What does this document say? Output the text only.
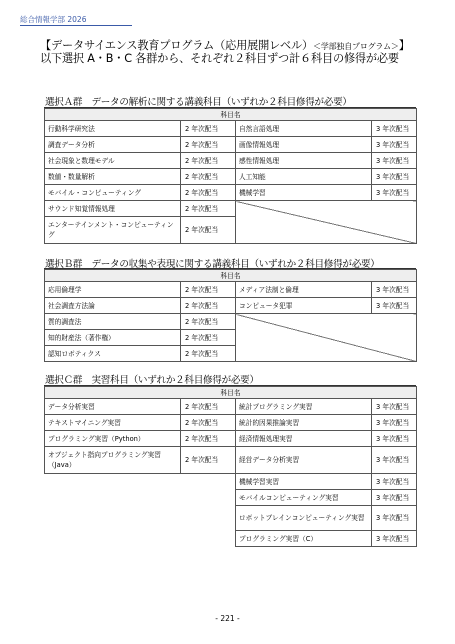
総合情報学部 2026
【データサイエンス教育プログラム（応用展開レベル）＜学部独自プログラム＞】
以下選択 A・B・C 各群から、それぞれ２科目ずつ計６科目の修得が必要
選択Ａ群　データの解析に関する講義科目（いずれか２科目修得が必要）
科目名			
行動科学研究法	2 年次配当	自然言語処理	3 年次配当
調査データ分析	2 年次配当	画像情報処理	3 年次配当
社会現象と数理モデル	2 年次配当	感性情報処理	3 年次配当
数値・数量解析	2 年次配当	人工知能	3 年次配当
モバイル・コンピューティング	2 年次配当	機械学習	3 年次配当
サウンド知覚情報処理	2 年次配当		
エンターテインメント・コンピューティング	2 年次配当		
選択Ｂ群　データの収集や表現に関する講義科目（いずれか２科目修得が必要）
科目名			
応用倫理学	2 年次配当	メディア法制と倫理	3 年次配当
社会調査方法論	2 年次配当	コンピュータ犯罪	3 年次配当
質的調査法	2 年次配当		
知的財産法（著作権）	2 年次配当		
認知ロボティクス	2 年次配当		
選択Ｃ群　実習科目（いずれか２科目修得が必要）
科目名			
データ分析実習	2 年次配当	統計プログラミング実習	3 年次配当
テキストマイニング実習	2 年次配当	統計的因果推論実習	3 年次配当
プログラミング実習（Python）	2 年次配当	経済情報処理実習	3 年次配当
オブジェクト指向プログラミング実習（Java）	2 年次配当	経営データ分析実習	3 年次配当
		機械学習実習	3 年次配当
		モバイルコンピューティング実習	3 年次配当
		ロボットブレインコンピューティング実習	3 年次配当
		プログラミング実習（C）	3 年次配当
- 221 -
